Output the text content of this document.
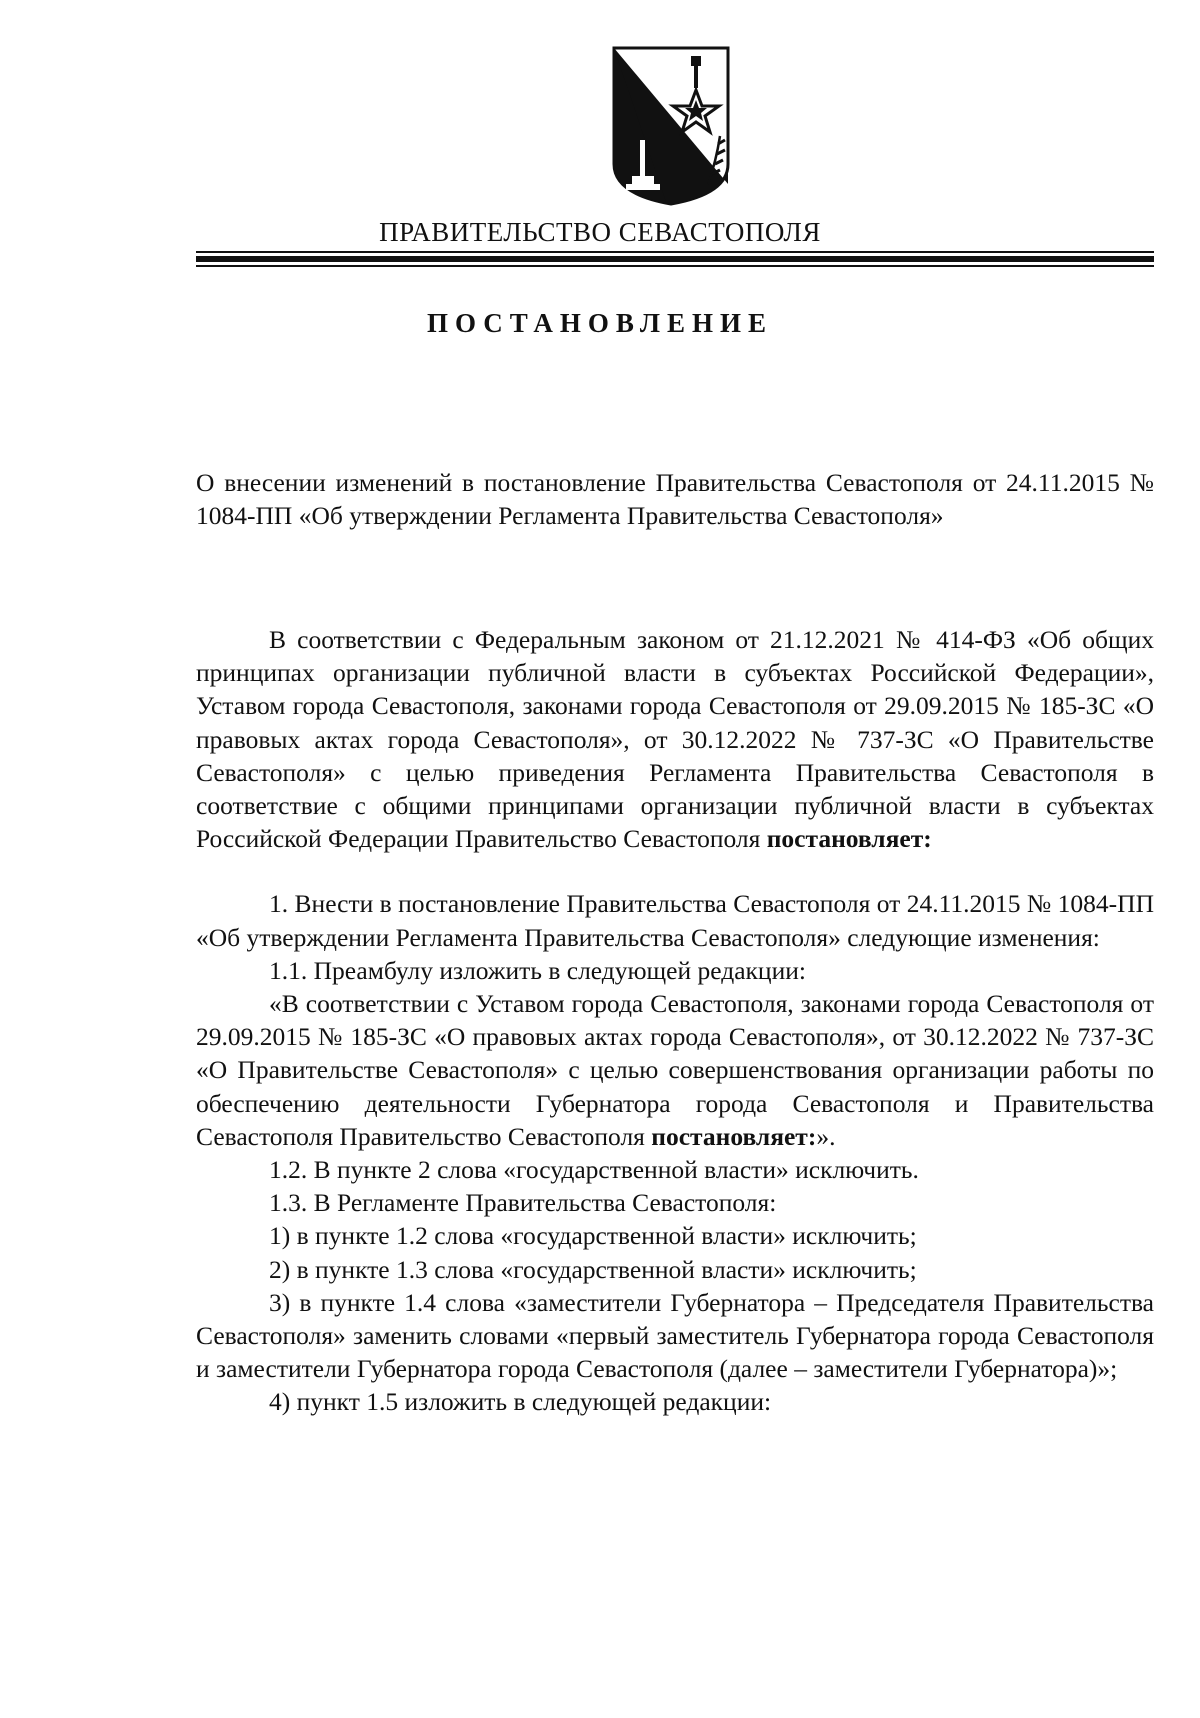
ПРАВИТЕЛЬСТВО СЕВАСТОПОЛЯ
ПОСТАНОВЛЕНИЕ

О внесении изменений в постановление Правительства Севастополя от 24.11.2015 № 1084-ПП «Об утверждении Регламента Правительства Севастополя»

В соответствии с Федеральным законом от 21.12.2021 № 414-ФЗ «Об общих принципах организации публичной власти в субъектах Российской Федерации», Уставом города Севастополя, законами города Севастополя от 29.09.2015 № 185-ЗС «О правовых актах города Севастополя», от 30.12.2022 № 737-ЗС «О Правительстве Севастополя» с целью приведения Регламента Правительства Севастополя в соответствие с общими принципами организации публичной власти в субъектах Российской Федерации Правительство Севастополя постановляет:

1. Внести в постановление Правительства Севастополя от 24.11.2015 № 1084-ПП «Об утверждении Регламента Правительства Севастополя» следующие изменения:

1.1. Преамбулу изложить в следующей редакции:

«В соответствии с Уставом города Севастополя, законами города Севастополя от 29.09.2015 № 185-ЗС «О правовых актах города Севастополя», от 30.12.2022 № 737-ЗС «О Правительстве Севастополя» с целью совершенствования организации работы по обеспечению деятельности Губернатора города Севастополя и Правительства Севастополя Правительство Севастополя постановляет:».

1.2. В пункте 2 слова «государственной власти» исключить.

1.3. В Регламенте Правительства Севастополя:

1) в пункте 1.2 слова «государственной власти» исключить;

2) в пункте 1.3 слова «государственной власти» исключить;

3) в пункте 1.4 слова «заместители Губернатора – Председателя Правительства Севастополя» заменить словами «первый заместитель Губернатора города Севастополя и заместители Губернатора города Севастополя (далее – заместители Губернатора)»;

4) пункт 1.5 изложить в следующей редакции:
